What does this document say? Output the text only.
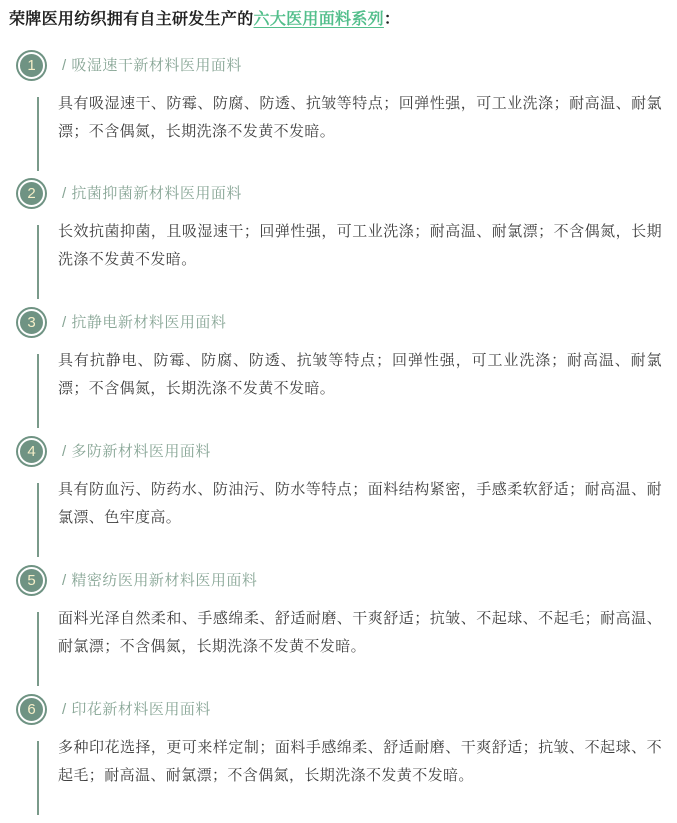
荣牌医用纺织拥有自主研发生产的六大医用面料系列：
1 / 吸湿速干新材料医用面料

具有吸湿速干、防霉、防腐、防透、抗皱等特点；回弹性强，可工业洗涤；耐高温、耐氯漂；不含偶氮，长期洗涤不发黄不发暗。

2 / 抗菌抑菌新材料医用面料

长效抗菌抑菌，且吸湿速干；回弹性强，可工业洗涤；耐高温、耐氯漂；不含偶氮，长期洗涤不发黄不发暗。

3 / 抗静电新材料医用面料

具有抗静电、防霉、防腐、防透、抗皱等特点；回弹性强，可工业洗涤；耐高温、耐氯漂；不含偶氮，长期洗涤不发黄不发暗。

4 / 多防新材料医用面料

具有防血污、防药水、防油污、防水等特点；面料结构紧密，手感柔软舒适；耐高温、耐氯漂、色牢度高。

5 / 精密纺医用新材料医用面料

面料光泽自然柔和、手感绵柔、舒适耐磨、干爽舒适；抗皱、不起球、不起毛；耐高温、耐氯漂；不含偶氮，长期洗涤不发黄不发暗。

6 / 印花新材料医用面料

多种印花选择，更可来样定制；面料手感绵柔、舒适耐磨、干爽舒适；抗皱、不起球、不起毛；耐高温、耐氯漂；不含偶氮，长期洗涤不发黄不发暗。
